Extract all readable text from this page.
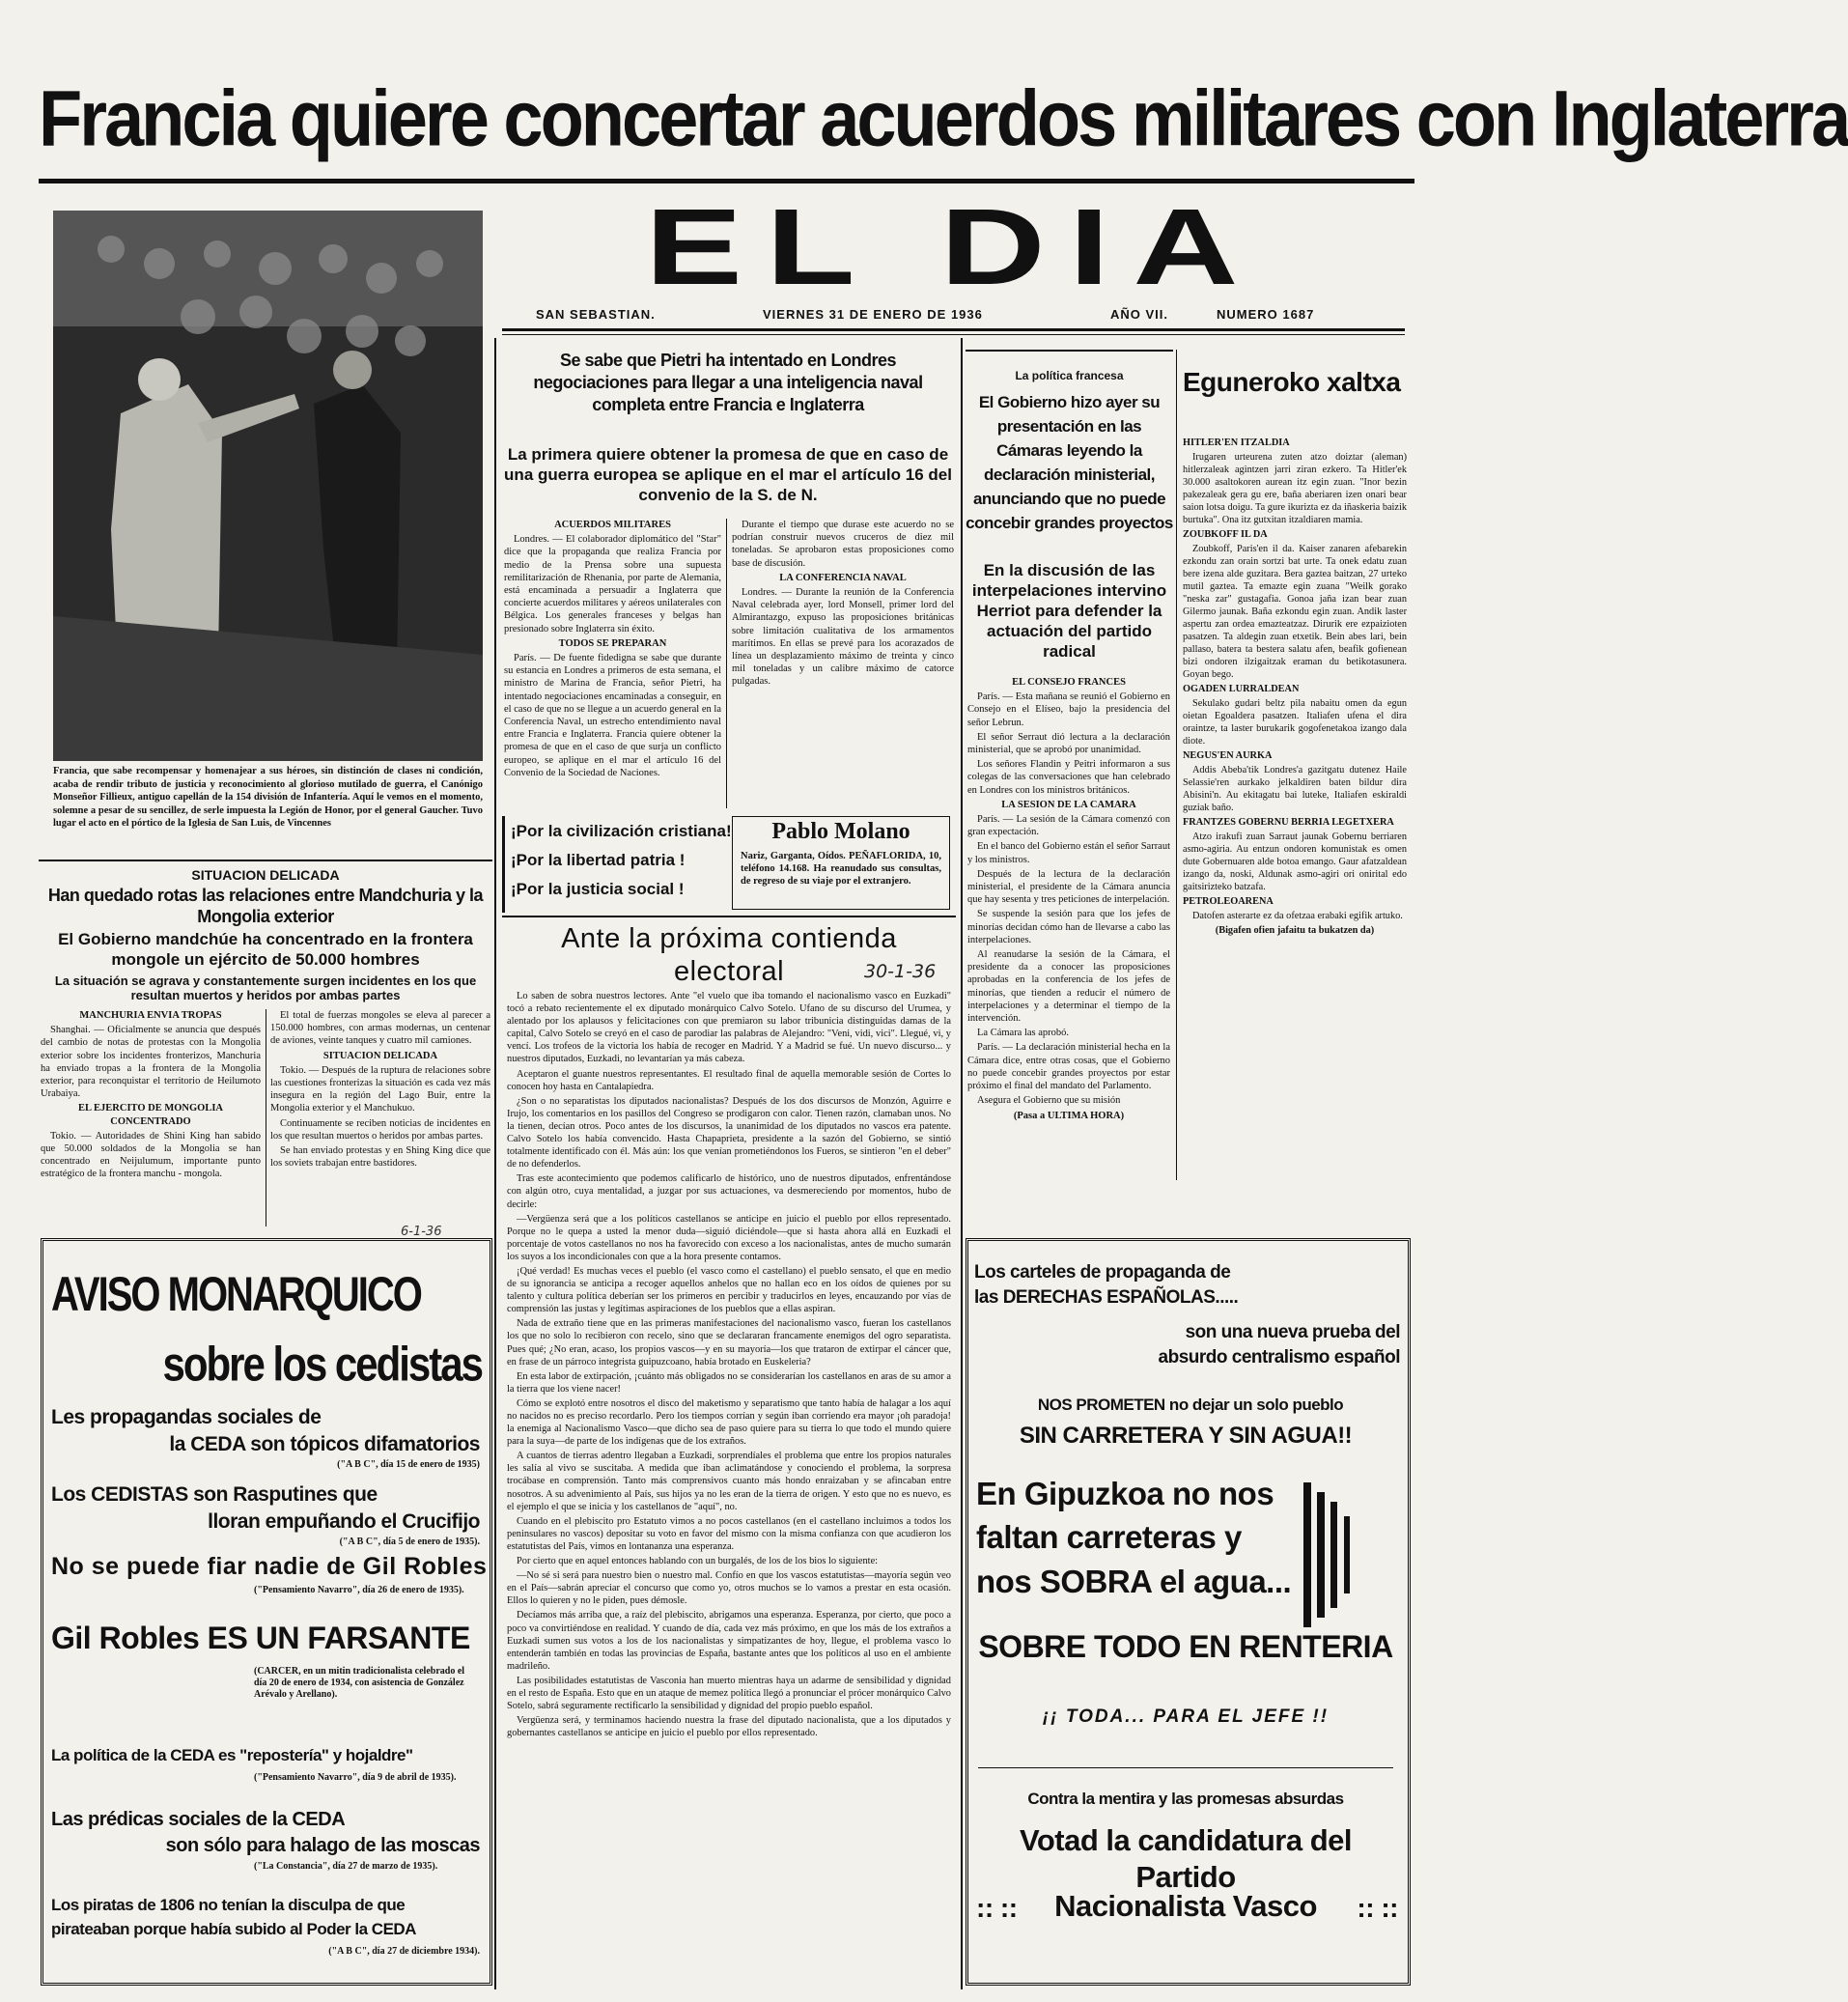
Francia quiere concertar acuerdos militares con Inglaterra
Francia, que sabe recompensar y homenajear a sus héroes, sin distinción de clases ni condición, acaba de rendir tributo de justicia y reconocimiento al glorioso mutilado de guerra, el Canónigo Monseñor Fillieux, antiguo capellán de la 154 división de Infantería. Aquí le vemos en el momento, solemne a pesar de su sencillez, de serle impuesta la Legión de Honor, por el general Gaucher. Tuvo lugar el acto en el pórtico de la Iglesia de San Luis, de Vincennes
EL DIA
SAN SEBASTIAN.	VIERNES 31 DE ENERO DE 1936	AÑO VII.	NUMERO 1687
Se sabe que Pietri ha intentado en Londres negociaciones para llegar a una inteligencia naval completa entre Francia e Inglaterra
La primera quiere obtener la promesa de que en caso de una guerra europea se aplique en el mar el artículo 16 del convenio de la S. de N.

ACUERDOS MILITARES

Londres. — El colaborador diplomático del "Star" dice que la propaganda que realiza Francia por medio de la Prensa sobre una supuesta remilitarización de Rhenania, por parte de Alemania, está encaminada a persuadir a Inglaterra que concierte acuerdos militares y aéreos unilaterales con Bélgica. Los generales franceses y belgas han presionado sobre Inglaterra sin éxito.

TODOS SE PREPARAN

París. — De fuente fidedigna se sabe que durante su estancia en Londres a primeros de esta semana, el ministro de Marina de Francia, señor Pietri, ha intentado negociaciones encaminadas a conseguir, en el caso de que no se llegue a un acuerdo general en la Conferencia Naval, un estrecho entendimiento naval entre Francia e Inglaterra. Francia quiere obtener la promesa de que en el caso de que surja un conflicto europeo, se aplique en el mar el artículo 16 del Convenio de la Sociedad de Naciones.

Durante el tiempo que durase este acuerdo no se podrían construir nuevos cruceros de diez mil toneladas. Se aprobaron estas proposiciones como base de discusión.

LA CONFERENCIA NAVAL

Londres. — Durante la reunión de la Conferencia Naval celebrada ayer, lord Monsell, primer lord del Almirantazgo, expuso las proposiciones británicas sobre limitación cualitativa de los armamentos marítimos. En ellas se prevé para los acorazados de línea un desplazamiento máximo de treinta y cinco mil toneladas y un calibre máximo de catorce pulgadas.

¡Por la civilización cristiana!
¡Por la libertad patria !
¡Por la justicia social !
Pablo Molano
Nariz, Garganta, Oídos. PEÑAFLORIDA, 10, teléfono 14.168. Ha reanudado sus consultas, de regreso de su viaje por el extranjero.
Ante la próxima contienda electoral	30-1-36

Lo saben de sobra nuestros lectores. Ante "el vuelo que iba tomando el nacionalismo vasco en Euzkadi" tocó a rebato recientemente el ex diputado monárquico Calvo Sotelo. Ufano de su discurso del Urumea, y alentado por los aplausos y felicitaciones con que premiaron su labor tribunicia distinguidas damas de la capital, Calvo Sotelo se creyó en el caso de parodiar las palabras de Alejandro: "Veni, vidi, vici". Llegué, vi, y vencí. Los trofeos de la victoria los había de recoger en Madrid. Y a Madrid se fué. Un nuevo discurso... y nuestros diputados, Euzkadi, no levantarían ya más cabeza.

Aceptaron el guante nuestros representantes. El resultado final de aquella memorable sesión de Cortes lo conocen hoy hasta en Cantalapiedra.

¿Son o no separatistas los diputados nacionalistas? Después de los dos discursos de Monzón, Aguirre e Irujo, los comentarios en los pasillos del Congreso se prodigaron con calor. Tienen razón, clamaban unos. No la tienen, decían otros. Poco antes de los discursos, la unanimidad de los diputados no vascos era patente. Calvo Sotelo los había convencido. Hasta Chapaprieta, presidente a la sazón del Gobierno, se sintió totalmente identificado con él. Más aún: los que venían prometiéndonos los Fueros, se sintieron "en el deber" de no defenderlos.

Tras este acontecimiento que podemos calificarlo de histórico, uno de nuestros diputados, enfrentándose con algún otro, cuya mentalidad, a juzgar por sus actuaciones, va desmereciendo por momentos, hubo de decirle:

—Vergüenza será que a los políticos castellanos se anticipe en juicio el pueblo por ellos representado. Porque no le quepa a usted la menor duda—siguió diciéndole—que si hasta ahora allá en Euzkadi el porcentaje de votos castellanos no nos ha favorecido con exceso a los nacionalistas, antes de mucho sumarán los suyos a los incondicionales con que a la hora presente contamos.

¡Qué verdad! Es muchas veces el pueblo (el vasco como el castellano) el pueblo sensato, el que en medio de su ignorancia se anticipa a recoger aquellos anhelos que no hallan eco en los oídos de quienes por su talento y cultura política deberían ser los primeros en percibir y traducirlos en leyes, encauzando por vías de comprensión las justas y legítimas aspiraciones de los pueblos que a ellas aspiran.

Nada de extraño tiene que en las primeras manifestaciones del nacionalismo vasco, fueran los castellanos los que no solo lo recibieron con recelo, sino que se declararan francamente enemigos del ogro separatista. Pues qué; ¿No eran, acaso, los propios vascos—y en su mayoría—los que trataron de extirpar el cáncer que, en frase de un párroco integrista guipuzcoano, había brotado en Euskeleria?

En esta labor de extirpación, ¡cuánto más obligados no se considerarían los castellanos en aras de su amor a la tierra que los viene nacer!

Cómo se explotó entre nosotros el disco del maketismo y separatismo que tanto había de halagar a los aquí no nacidos no es preciso recordarlo. Pero los tiempos corrían y según iban corriendo era mayor ¡oh paradoja! la enemiga al Nacionalismo Vasco—que dicho sea de paso quiere para su tierra lo que todo el mundo quiere para la suya—de parte de los indígenas que de los extraños.

A cuantos de tierras adentro llegaban a Euzkadi, sorprendíales el problema que entre los propios naturales les salía al vivo se suscitaba. A medida que iban aclimatándose y conociendo el problema, la sorpresa trocábase en comprensión. Tanto más comprensivos cuanto más hondo enraizaban y se afincaban entre nosotros. A su advenimiento al País, sus hijos ya no les eran de la tierra de origen. Y esto que no es nuevo, es el ejemplo el que se inicia y los castellanos de "aquí", no.

Cuando en el plebiscito pro Estatuto vimos a no pocos castellanos (en el castellano incluimos a todos los peninsulares no vascos) depositar su voto en favor del mismo con la misma confianza con que acudieron los estatutistas del País, vimos en lontananza una esperanza.

Por cierto que en aquel entonces hablando con un burgalés, de los de los bios lo siguiente:

—No sé si será para nuestro bien o nuestro mal. Confío en que los vascos estatutistas—mayoría según veo en el País—sabrán apreciar el concurso que como yo, otros muchos se lo vamos a prestar en esta ocasión. Ellos lo quieren y no le piden, pues démosle.

Decíamos más arriba que, a raíz del plebiscito, abrigamos una esperanza. Esperanza, por cierto, que poco a poco va convirtiéndose en realidad. Y cuando de día, cada vez más próximo, en que los más de los extraños a Euzkadi sumen sus votos a los de los nacionalistas y simpatizantes de hoy, llegue, el problema vasco lo entenderán también en todas las provincias de España, bastante antes que los políticos al uso en el ambiente madrileño.

Las posibilidades estatutistas de Vasconia han muerto mientras haya un adarme de sensibilidad y dignidad en el resto de España. Esto que en un ataque de memez política llegó a pronunciar el prócer monárquico Calvo Sotelo, sabrá seguramente rectificarlo la sensibilidad y dignidad del propio pueblo español.

Vergüenza será, y terminamos haciendo nuestra la frase del diputado nacionalista, que a los diputados y gobernantes castellanos se anticipe en juicio el pueblo por ellos representado.

SITUACION DELICADA
Han quedado rotas las relaciones entre Mandchuria y la Mongolia exterior
El Gobierno mandchúe ha concentrado en la frontera mongole un ejército de 50.000 hombres
La situación se agrava y constantemente surgen incidentes en los que resultan muertos y heridos por ambas partes

MANCHURIA ENVIA TROPAS

Shanghai. — Oficialmente se anuncia que después del cambio de notas de protestas con la Mongolia exterior sobre los incidentes fronterizos, Manchuria ha enviado tropas a la frontera de la Mongolia exterior, para reconquistar el territorio de Heilumoto Urabaiya.

EL EJERCITO DE MONGOLIA CONCENTRADO

Tokio. — Autoridades de Shini King han sabido que 50.000 soldados de la Mongolia se han concentrado en Neijulumum, importante punto estratégico de la frontera manchu - mongola.

El total de fuerzas mongoles se eleva al parecer a 150.000 hombres, con armas modernas, un centenar de aviones, veinte tanques y cuatro mil camiones.

SITUACION DELICADA

Tokio. — Después de la ruptura de relaciones sobre las cuestiones fronterizas la situación es cada vez más insegura en la región del Lago Buir, entre la Mongolia exterior y el Manchukuo.

Continuamente se reciben noticias de incidentes en los que resultan muertos o heridos por ambas partes.

Se han enviado protestas y en Shing King dice que los soviets trabajan entre bastidores.

6-1-36
AVISO MONARQUICO
sobre los cedistas
Les propagandas sociales de
la CEDA son tópicos difamatorios
("A B C", día 15 de enero de 1935)
Los CEDISTAS son Rasputines que
lloran empuñando el Crucifijo
("A B C", día 5 de enero de 1935).
No se puede fiar nadie de Gil Robles
("Pensamiento Navarro", día 26 de enero de 1935).
Gil Robles ES UN FARSANTE
(CARCER, en un mitin tradicionalista celebrado el día 20 de enero de 1934, con asistencia de González Arévalo y Arellano).
La política de la CEDA es "repostería" y hojaldre"
("Pensamiento Navarro", día 9 de abril de 1935).
Las prédicas sociales de la CEDA
son sólo para halago de las moscas
("La Constancia", día 27 de marzo de 1935).
Los piratas de 1806 no tenían la disculpa de que
pirateaban porque había subido al Poder la CEDA
("A B C", día 27 de diciembre 1934).
La política francesa
El Gobierno hizo ayer su presentación en las Cámaras leyendo la declaración ministerial, anunciando que no puede concebir grandes proyectos
En la discusión de las interpelaciones intervino Herriot para defender la actuación del partido radical

EL CONSEJO FRANCES

París. — Esta mañana se reunió el Gobierno en Consejo en el Elíseo, bajo la presidencia del señor Lebrun.

El señor Serraut dió lectura a la declaración ministerial, que se aprobó por unanimidad.

Los señores Flandin y Peitri informaron a sus colegas de las conversaciones que han celebrado en Londres con los ministros británicos.

LA SESION DE LA CAMARA

París. — La sesión de la Cámara comenzó con gran expectación.

En el banco del Gobierno están el señor Sarraut y los ministros.

Después de la lectura de la declaración ministerial, el presidente de la Cámara anuncia que hay sesenta y tres peticiones de interpelación.

Se suspende la sesión para que los jefes de minorías decidan cómo han de llevarse a cabo las interpelaciones.

Al reanudarse la sesión de la Cámara, el presidente da a conocer las proposiciones aprobadas en la conferencia de los jefes de minorías, que tienden a reducir el número de interpelaciones y a determinar el tiempo de la intervención.

La Cámara las aprobó.

París. — La declaración ministerial hecha en la Cámara dice, entre otras cosas, que el Gobierno no puede concebir grandes proyectos por estar próximo el final del mandato del Parlamento.

Asegura el Gobierno que su misión

(Pasa a ULTIMA HORA)

Eguneroko xaltxa

HITLER'EN ITZALDIA

Irugaren urteurena zuten atzo doiztar (aleman) hitlerzaleak agintzen jarri ziran ezkero. Ta Hitler'ek 30.000 asaltokoren aurean itz egin zuan. "Inor bezin pakezaleak gera gu ere, baña aberiaren izen onari bear saion lotsa doigu. Ta gure ikurizta ez da iñaskeria baizik burtuka". Ona itz gutxitan itzaldiaren mamia.

ZOUBKOFF IL DA

Zoubkoff, Paris'en il da. Kaiser zanaren afebarekin ezkondu zan orain sortzi bat urte. Ta onek edatu zuan bere izena alde guzitara. Bera gaztea baitzan, 27 urteko mutil gaztea. Ta emazte egin zuana "Weilk gorako "neska zar" gustagafia. Gonoa jaña izan bear zuan Gilermo jaunak. Baña ezkondu egin zuan. Andik laster aspertu zan ordea emazteatzaz. Dirurik ere ezpaizioten pasatzen. Ta aldegin zuan etxetik. Bein abes lari, bein pallaso, batera ta bestera salatu afen, beafik gofienean bizi ondoren ilzigaitzak eraman du betikotasunera. Goyan bego.

OGADEN LURRALDEAN

Sekulako gudari beltz pila nabaitu omen da egun oietan Egoaldera pasatzen. Italiafen ufena el dira oraintze, ta laster burukarik gogofenetakoa izango dala diote.

NEGUS'EN AURKA

Addis Abeba'tik Londres'a gazitgatu dutenez Haile Selassie'ren aurkako jelkaldiren baten bildur dira Abisini'n. Au ekitagatu bai luteke, Italiafen eskiraldi guziak baño.

FRANTZES GOBERNU BERRIA LEGETXERA

Atzo irakufi zuan Sarraut jaunak Gobernu berriaren asmo-agiria. Au entzun ondoren komunistak es omen dute Gobernuaren alde botoa emango. Gaur afatzaldean izango da, noski, Aldunak asmo-agiri ori onirital edo gaitsirizteko batzafa.

PETROLEOARENA

Datofen asterarte ez da ofetzaa erabaki egifik artuko.

(Bigafen ofien jafaitu ta bukatzen da)

Los carteles de propaganda de
las DERECHAS ESPAÑOLAS.....
son una nueva prueba del
absurdo centralismo español
NOS PROMETEN no dejar un solo pueblo
SIN CARRETERA Y SIN AGUA!!
En Gipuzkoa no nos
faltan carreteras y
nos SOBRA el agua...
SOBRE TODO EN RENTERIA
¡¡ TODA... PARA EL JEFE !!
Contra la mentira y las promesas absurdas
Votad la candidatura del Partido
:: ::	Nacionalista Vasco	:: ::
